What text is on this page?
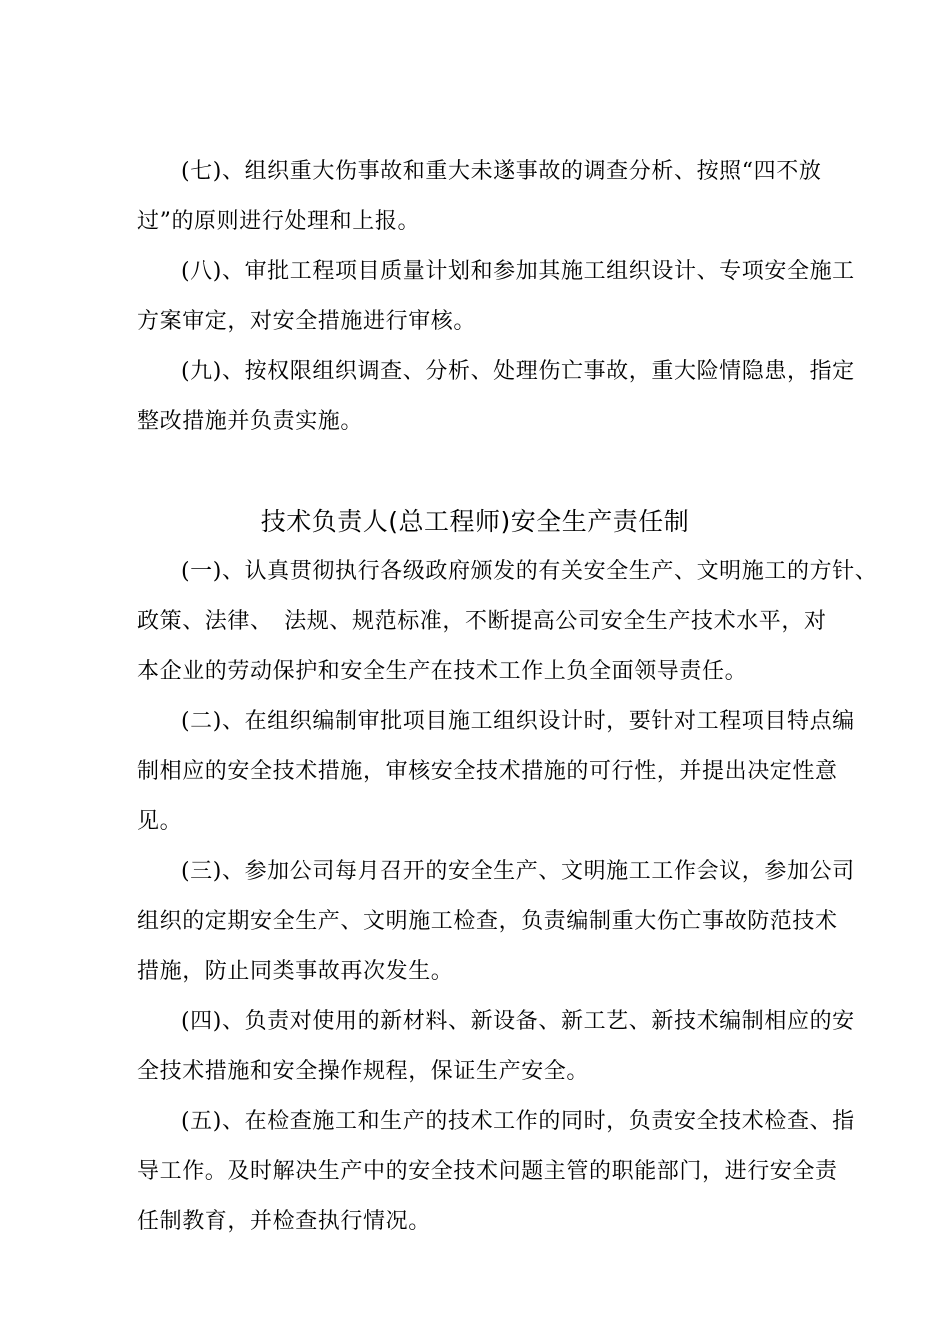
(七)、组织重大伤事故和重大未遂事故的调查分析、按照“四不放
过”的原则进行处理和上报。
(八)、审批工程项目质量计划和参加其施工组织设计、专项安全施工
方案审定，对安全措施进行审核。
(九)、按权限组织调查、分析、处理伤亡事故，重大险情隐患，指定
整改措施并负责实施。
技术负责人(总工程师)安全生产责任制
(一)、认真贯彻执行各级政府颁发的有关安全生产、文明施工的方针、
政策、法律、　法规、规范标准，不断提高公司安全生产技术水平，对
本企业的劳动保护和安全生产在技术工作上负全面领导责任。
(二)、在组织编制审批项目施工组织设计时，要针对工程项目特点编
制相应的安全技术措施，审核安全技术措施的可行性，并提出决定性意
见。
(三)、参加公司每月召开的安全生产、文明施工工作会议，参加公司
组织的定期安全生产、文明施工检查，负责编制重大伤亡事故防范技术
措施，防止同类事故再次发生。
(四)、负责对使用的新材料、新设备、新工艺、新技术编制相应的安
全技术措施和安全操作规程，保证生产安全。
(五)、在检查施工和生产的技术工作的同时，负责安全技术检查、指
导工作。及时解决生产中的安全技术问题主管的职能部门，进行安全责
任制教育，并检查执行情况。
